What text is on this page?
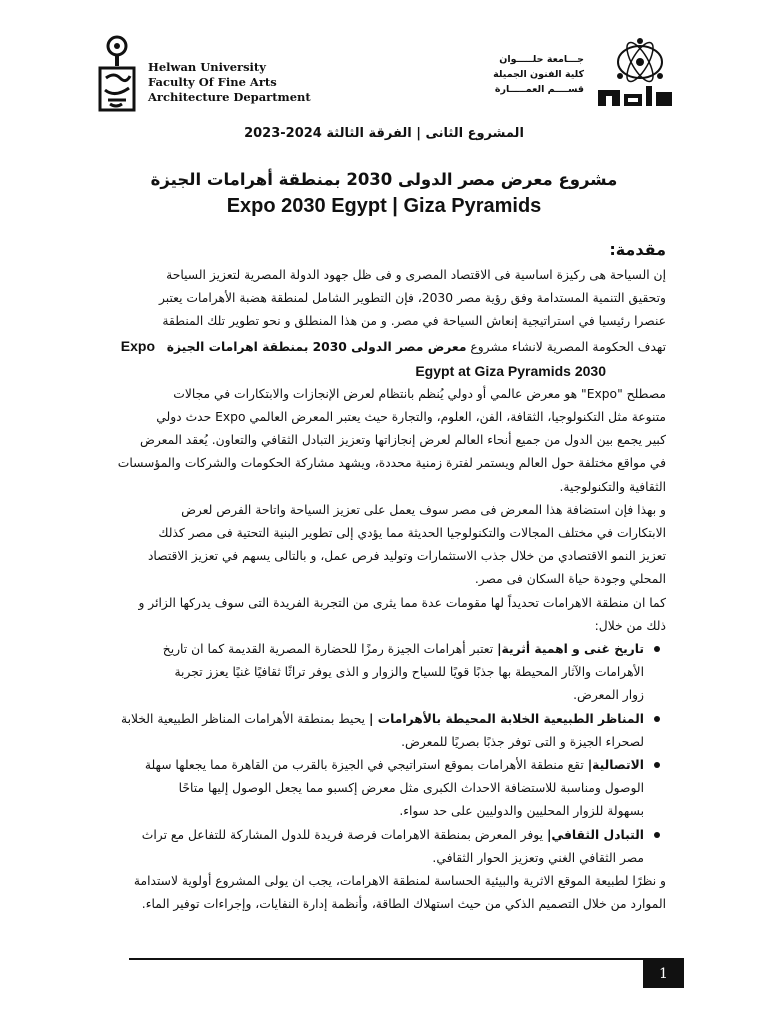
Helwan University
Faculty Of Fine Arts
Architecture Department
جـــامعة حلـــــوان
كلية الفنون الجميلة
قســــم العمـــــارة
المشروع الثانى | الفرقة الثالثة 2024-2023
مشروع معرض مصر الدولى 2030 بمنطقة أهرامات الجيزة
Expo 2030 Egypt | Giza Pyramids
مقدمة:
إن السياحة هى ركيزة اساسية فى الاقتصاد المصرى و فى ظل جهود الدولة المصرية لتعزيز السياحة
وتحقيق التنمية المستدامة وفق رؤية مصر 2030، فإن التطوير الشامل لمنطقة هضبة الأهرامات يعتبر
عنصرا رئيسيا في استراتيجية إنعاش السياحة في مصر. و من هذا المنطلق و نحو تطوير تلك المنطقة
تهدف الحكومة المصرية لانشاء مشروع معرض مصر الدولى 2030 بمنطقة اهرامات الجيزة   Expo
2030 Egypt at Giza Pyramids
مصطلح "Expo" هو معرض عالمي أو دولي يُنظم بانتظام لعرض الإنجازات والابتكارات في مجالات
متنوعة مثل التكنولوجيا، الثقافة، الفن، العلوم، والتجارة حيث يعتبر المعرض العالمي Expo حدث دولي
كبير يجمع بين الدول من جميع أنحاء العالم لعرض إنجازاتها وتعزيز التبادل الثقافي والتعاون. يُعقد المعرض
في مواقع مختلفة حول العالم ويستمر لفترة زمنية محددة، ويشهد مشاركة الحكومات والشركات والمؤسسات
الثقافية والتكنولوجية.
و بهذا فإن استضافة هذا المعرض فى مصر سوف يعمل على تعزيز السياحة واتاحة الفرص لعرض
الابتكارات في مختلف المجالات والتكنولوجيا الحديثة مما يؤدي إلى تطوير البنية التحتية فى مصر كذلك
تعزيز النمو الاقتصادي من خلال جذب الاستثمارات وتوليد فرص عمل، و بالتالى يسهم في تعزيز الاقتصاد
المحلي وجودة حياة السكان فى مصر.
كما ان منطقة الاهرامات تحديداً لها مقومات عدة مما يثرى من التجربة الفريدة التى سوف يدركها الزائر و
ذلك من خلال:
تاريخ غنى و اهمية أثرية| تعتبر أهرامات الجيزة رمزًا للحضارة المصرية القديمة كما ان تاريخ
الأهرامات والآثار المحيطة بها جذبًا قويًا للسياح والزوار و الذى يوفر تراثًا ثقافيًا غنيًا يعزز تجربة
زوار المعرض.
المناظر الطبيعية الخلابة المحيطة بالأهرامات | يحيط بمنطقة الأهرامات المناظر الطبيعية الخلابة
لصحراء الجيزة و التى توفر جذبًا بصريًا للمعرض.
الاتصالية| تقع منطقة الأهرامات بموقع استراتيجي في الجيزة بالقرب من القاهرة مما يجعلها سهلة
الوصول ومناسبة للاستضافة الاحداث الكبرى مثل معرض إكسبو مما يجعل الوصول إليها متاحًا
بسهولة للزوار المحليين والدوليين على حد سواء.
التبادل الثقافي| يوفر المعرض بمنطقة الاهرامات فرصة فريدة للدول المشاركة للتفاعل مع تراث
مصر الثقافي الغني وتعزيز الحوار الثقافي.
و نظرًا لطبيعة الموقع الاثرية والبيئية الحساسة لمنطقة الاهرامات، يجب ان يولى المشروع أولوية لاستدامة
الموارد من خلال التصميم الذكي من حيث استهلاك الطاقة، وأنظمة إدارة النفايات، وإجراءات توفير الماء.
1
